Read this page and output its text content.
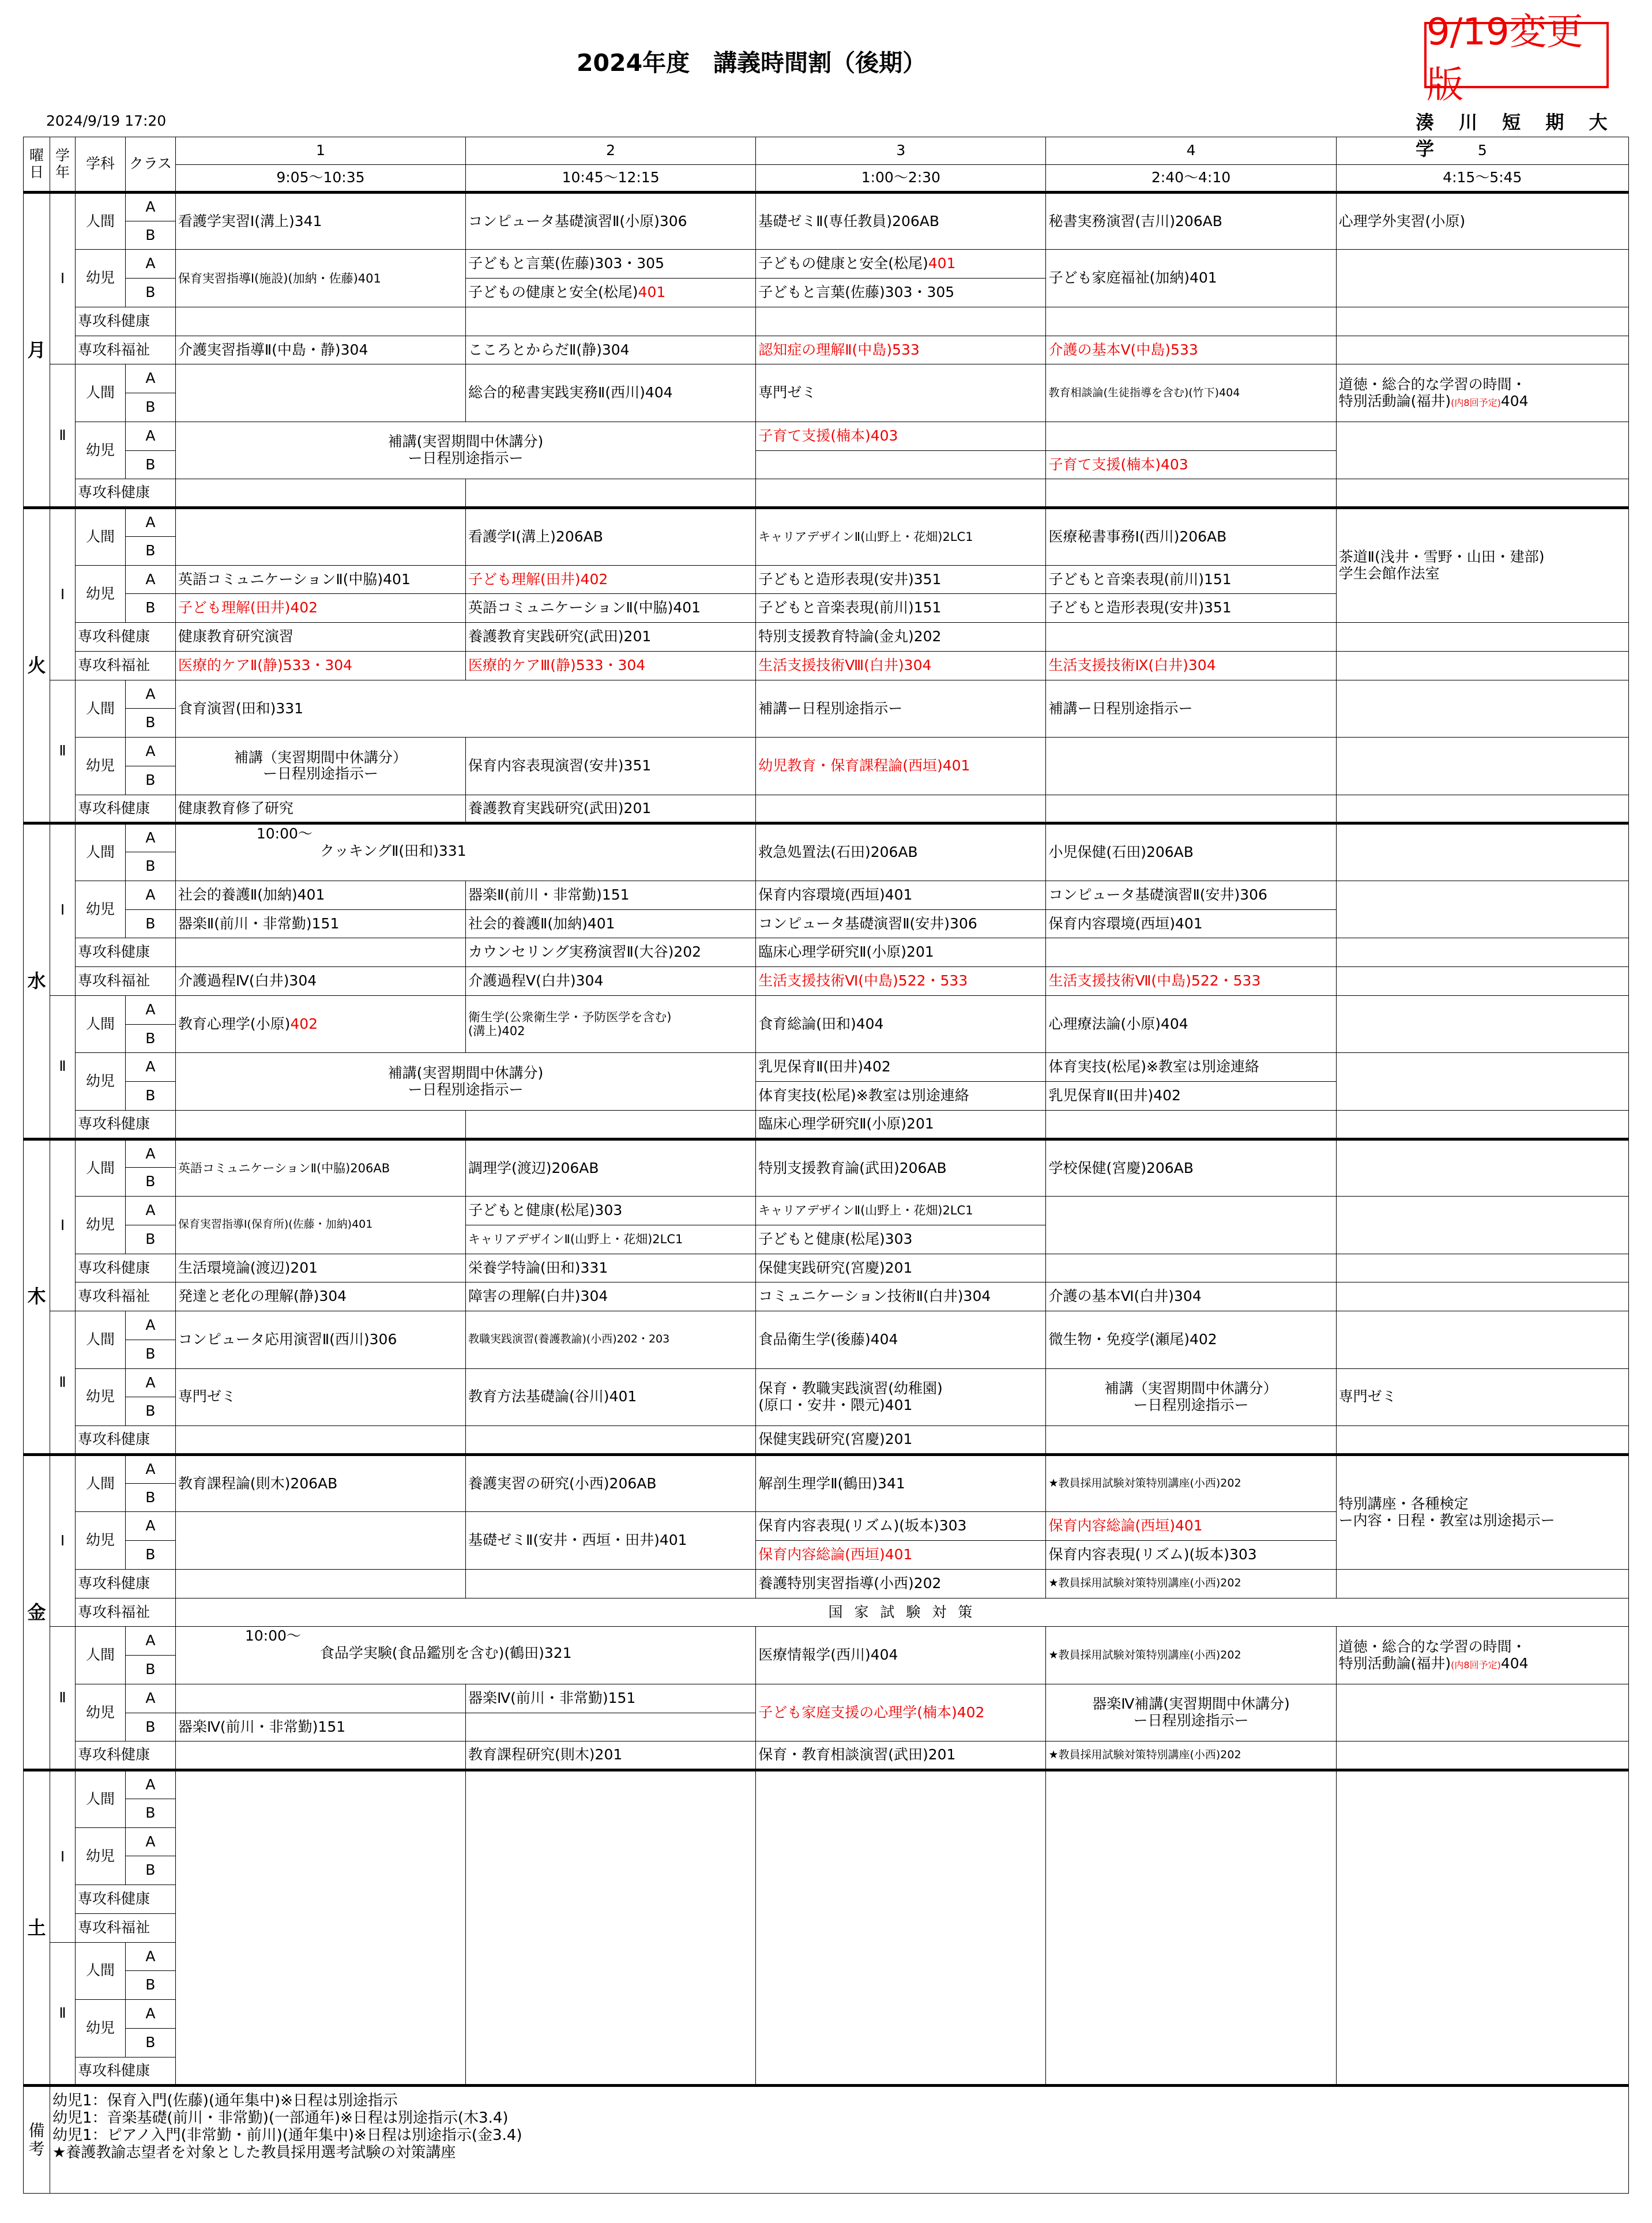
2024年度　講義時間割（後期）
9/19変更版
2024/9/19 17:20	湊 川 短 期 大 学
曜日	学年	学科	クラス	1	2	3	4	5
				9:05～10:35	10:45～12:15	1:00～2:30	2:40～4:10	4:15～5:45
月	Ⅰ	人間	A	看護学実習Ⅰ(溝上)341	コンピュータ基礎演習Ⅱ(小原)306	基礎ゼミⅡ(専任教員)206AB	秘書実務演習(吉川)206AB	心理学外実習(小原)
			B					
		幼児	A	保育実習指導Ⅰ(施設)(加納・佐藤)401	子どもと言葉(佐藤)303・305	子どもの健康と安全(松尾)401	子ども家庭福祉(加納)401	
			B		子どもの健康と安全(松尾)401	子どもと言葉(佐藤)303・305		
		専攻科健康						
		専攻科福祉		介護実習指導Ⅱ(中島・静)304	こころとからだⅡ(静)304	認知症の理解Ⅱ(中島)533	介護の基本Ⅴ(中島)533	
	Ⅱ	人間	A		総合的秘書実践実務Ⅱ(西川)404	専門ゼミ	教育相談論(生徒指導を含む)(竹下)404	道徳・総合的な学習の時間・
特別活動論(福井)(内8回予定)404
			B					
		幼児	A	補講(実習期間中休講分)
ー日程別途指示ー		子育て支援(楠本)403		
			B				子育て支援(楠本)403	
		専攻科健康						
火	Ⅰ	人間	A		看護学Ⅰ(溝上)206AB	キャリアデザインⅡ(山野上・花畑)2LC1	医療秘書事務Ⅰ(西川)206AB	茶道Ⅱ(浅井・雪野・山田・建部)
学生会館作法室

			B					
		幼児	A	英語コミュニケーションⅡ(中脇)401	子ども理解(田井)402	子どもと造形表現(安井)351	子どもと音楽表現(前川)151	
			B	子ども理解(田井)402	英語コミュニケーションⅡ(中脇)401	子どもと音楽表現(前川)151	子どもと造形表現(安井)351	
		専攻科健康		健康教育研究演習	養護教育実践研究(武田)201	特別支援教育特論(金丸)202		
		専攻科福祉		医療的ケアⅡ(静)533・304	医療的ケアⅢ(静)533・304	生活支援技術Ⅷ(白井)304	生活支援技術Ⅸ(白井)304	
	Ⅱ	人間	A	食育演習(田和)331		補講ー日程別途指示ー	補講ー日程別途指示ー	
			B					
		幼児	A	補講（実習期間中休講分）
ー日程別途指示ー	保育内容表現演習(安井)351	幼児教育・保育課程論(西垣)401		
			B					
		専攻科健康		健康教育修了研究	養護教育実践研究(武田)201			
水	Ⅰ	人間	A	10:00～
クッキングⅡ(田和)331		救急処置法(石田)206AB	小児保健(石田)206AB	
			B					
		幼児	A	社会的養護Ⅱ(加納)401	器楽Ⅱ(前川・非常勤)151	保育内容環境(西垣)401	コンピュータ基礎演習Ⅱ(安井)306	
			B	器楽Ⅱ(前川・非常勤)151	社会的養護Ⅱ(加納)401	コンピュータ基礎演習Ⅱ(安井)306	保育内容環境(西垣)401	
		専攻科健康			カウンセリング実務演習Ⅱ(大谷)202	臨床心理学研究Ⅱ(小原)201		
		専攻科福祉		介護過程Ⅳ(白井)304	介護過程Ⅴ(白井)304	生活支援技術Ⅵ(中島)522・533	生活支援技術Ⅶ(中島)522・533	
	Ⅱ	人間	A	教育心理学(小原)402	衛生学(公衆衛生学・予防医学を含む)
(溝上)402	食育総論(田和)404	心理療法論(小原)404	
			B					
		幼児	A	補講(実習期間中休講分)
ー日程別途指示ー		乳児保育Ⅱ(田井)402	体育実技(松尾)※教室は別途連絡	
			B			体育実技(松尾)※教室は別途連絡	乳児保育Ⅱ(田井)402	
		専攻科健康				臨床心理学研究Ⅱ(小原)201		
木	Ⅰ	人間	A	英語コミュニケーションⅡ(中脇)206AB	調理学(渡辺)206AB	特別支援教育論(武田)206AB	学校保健(宮慶)206AB	
			B					
		幼児	A	保育実習指導Ⅰ(保育所)(佐藤・加納)401	子どもと健康(松尾)303	キャリアデザインⅡ(山野上・花畑)2LC1		
			B		キャリアデザインⅡ(山野上・花畑)2LC1	子どもと健康(松尾)303		
		専攻科健康		生活環境論(渡辺)201	栄養学特論(田和)331	保健実践研究(宮慶)201		
		専攻科福祉		発達と老化の理解(静)304	障害の理解(白井)304	コミュニケーション技術Ⅱ(白井)304	介護の基本Ⅵ(白井)304	
	Ⅱ	人間	A	コンピュータ応用演習Ⅱ(西川)306	教職実践演習(養護教諭)(小西)202・203	食品衛生学(後藤)404	微生物・免疫学(瀬尾)402	
			B					
		幼児	A	専門ゼミ	教育方法基礎論(谷川)401	保育・教職実践演習(幼稚園)
(原口・安井・隈元)401	補講（実習期間中休講分）
ー日程別途指示ー	専門ゼミ
			B					
		専攻科健康				保健実践研究(宮慶)201		
金	Ⅰ	人間	A	教育課程論(則木)206AB	養護実習の研究(小西)206AB	解剖生理学Ⅱ(鶴田)341	★教員採用試験対策特別講座(小西)202	特別講座・各種検定
ー内容・日程・教室は別途掲示ー

			B					
		幼児	A		基礎ゼミⅡ(安井・西垣・田井)401	保育内容表現(リズム)(坂本)303	保育内容総論(西垣)401	
			B			保育内容総論(西垣)401	保育内容表現(リズム)(坂本)303	
		専攻科健康				養護特別実習指導(小西)202	★教員採用試験対策特別講座(小西)202	
		専攻科福祉		国 家 試 験 対 策				
	Ⅱ	人間	A	10:00～
食品学実験(食品鑑別を含む)(鶴田)321		医療情報学(西川)404	★教員採用試験対策特別講座(小西)202	道徳・総合的な学習の時間・
特別活動論(福井)(内8回予定)404
			B					
		幼児	A		器楽Ⅳ(前川・非常勤)151	子ども家庭支援の心理学(楠本)402	器楽Ⅳ補講(実習期間中休講分)
ー日程別途指示ー	

			B	器楽Ⅳ(前川・非常勤)151				
		専攻科健康			教育課程研究(則木)201	保育・教育相談演習(武田)201	★教員採用試験対策特別講座(小西)202	
土	Ⅰ	人間	A					
			B					
		幼児	A					
			B					
		専攻科健康						
		専攻科福祉						
	Ⅱ	人間	A					
			B					
		幼児	A					
			B					
		専攻科健康						
備考	幼児1：保育入門(佐藤)(通年集中)※日程は別途指示
幼児1：音楽基礎(前川・非常勤)(一部通年)※日程は別途指示(木3.4)
幼児1：ピアノ入門(非常勤・前川)(通年集中)※日程は別途指示(金3.4)
★養護教諭志望者を対象とした教員採用選考試験の対策講座							
